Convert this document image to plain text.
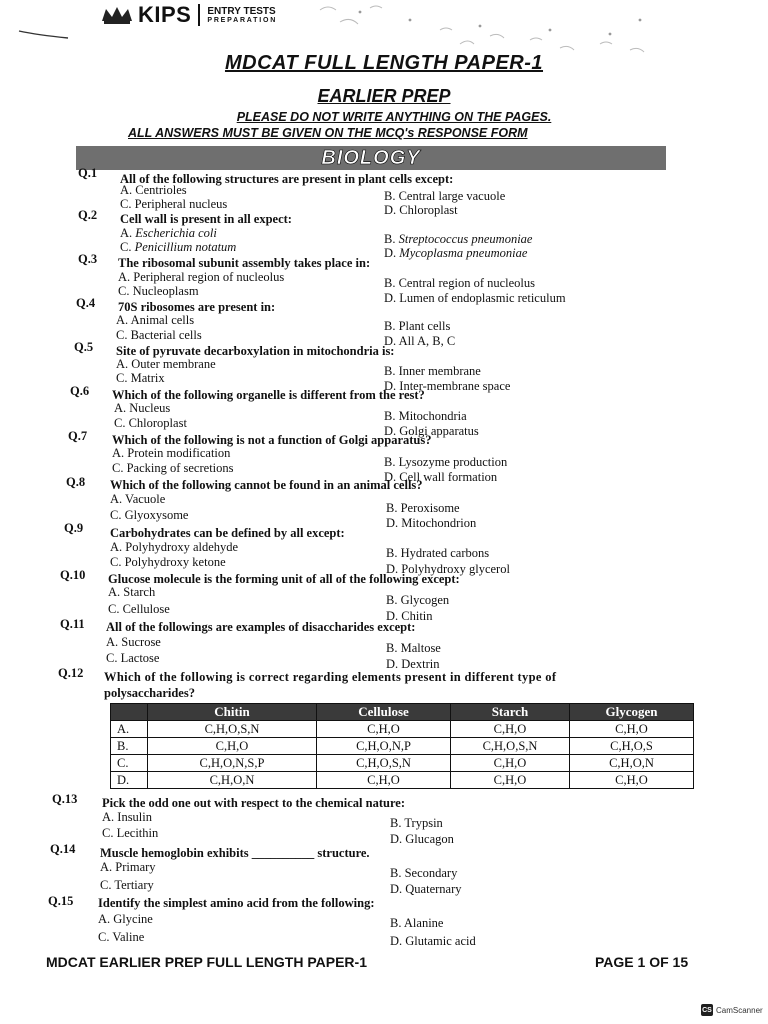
KIPS ENTRY TESTS
PREPARATION
MDCAT FULL LENGTH PAPER-1
EARLIER PREP
PLEASE DO NOT WRITE ANYTHING ON THE PAGES.
ALL ANSWERS MUST BE GIVEN ON THE MCQ's RESPONSE FORM
BIOLOGY
Q.1 All of the following structures are present in plant cells except:
A. Centrioles	B. Central large vacuole
C. Peripheral nucleus	D. Chloroplast
Q.2 Cell wall is present in all expect:
A. Escherichia coli	B. Streptococcus pneumoniae
C. Penicillium notatum	D. Mycoplasma pneumoniae
Q.3 The ribosomal subunit assembly takes place in:
A. Peripheral region of nucleolus	B. Central region of nucleolus
C. Nucleoplasm	D. Lumen of endoplasmic reticulum
Q.4 70S ribosomes are present in:
A. Animal cells	B. Plant cells
C. Bacterial cells	D. All A, B, C
Q.5 Site of pyruvate decarboxylation in mitochondria is:
A. Outer membrane	B. Inner membrane
C. Matrix
D. Inter-membrane space
Q.6 Which of the following organelle is different from the rest?
A. Nucleus
B. Mitochondria
C. Chloroplast
D. Golgi apparatus
Q.7 Which of the following is not a function of Golgi apparatus?
A. Protein modification
B. Lysozyme production
C. Packing of secretions
D. Cell wall formation
Q.8 Which of the following cannot be found in an animal cells?
A. Vacuole
B. Peroxisome
C. Glyoxysome
D. Mitochondrion
Q.9 Carbohydrates can be defined by all except:
A. Polyhydroxy aldehyde	B. Hydrated carbons
C. Polyhydroxy ketone	D. Polyhydroxy glycerol
Q.10 Glucose molecule is the forming unit of all of the following except:
A. Starch
B. Glycogen
C. Cellulose	D. Chitin
Q.11 All of the followings are examples of disaccharides except:
A. Sucrose	B. Maltose
C. Lactose	D. Dextrin
Q.12 Which of the following is correct regarding elements present in different type of
polysaccharides?
	Chitin	Cellulose	Starch	Glycogen
A.	C,H,O,S,N	C,H,O	C,H,O	C,H,O
B.	C,H,O	C,H,O,N,P	C,H,O,S,N	C,H,O,S
C.	C,H,O,N,S,P	C,H,O,S,N	C,H,O	C,H,O,N
D.	C,H,O,N	C,H,O	C,H,O	C,H,O
Q.13 Pick the odd one out with respect to the chemical nature:
A. Insulin	B. Trypsin
C. Lecithin	D. Glucagon
Q.14 Muscle hemoglobin exhibits __________ structure.
A. Primary	B. Secondary
C. Tertiary	D. Quaternary
Q.15 Identify the simplest amino acid from the following:
A. Glycine	B. Alanine
C. Valine	D. Glutamic acid
MDCAT EARLIER PREP FULL LENGTH PAPER-1	PAGE 1 OF 15
CS CamScanner
